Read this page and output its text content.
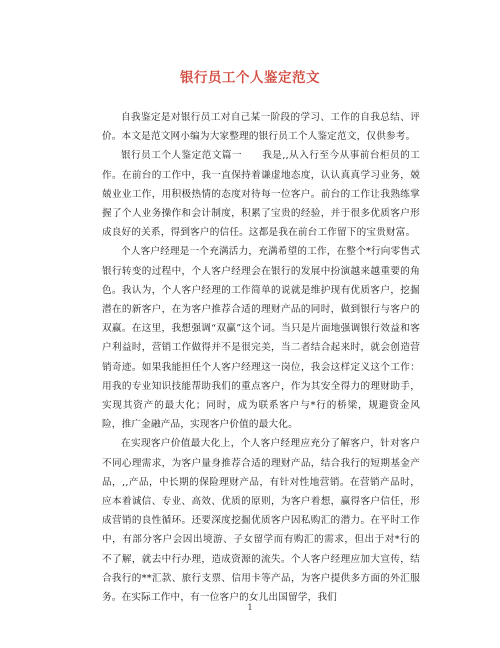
银行员工个人鉴定范文

自我鉴定是对银行员工对自己某一阶段的学习、工作的自我总结、评价。本文是范文网小编为大家整理的银行员工个人鉴定范文，仅供参考。

银行员工个人鉴定范文篇一　　我是,,从入行至今从事前台柜员的工作。在前台的工作中，我一直保持着谦虚地态度，认认真真学习业务，兢兢业业工作，用积极热情的态度对待每一位客户。前台的工作让我熟练掌握了个人业务操作和会计制度，积累了宝贵的经验，并于很多优质客户形成良好的关系，得到客户的信任。这都是我在前台工作留下的宝贵财富。

个人客户经理是一个充满活力，充满希望的工作，在整个*行向零售式银行转变的过程中，个人客户经理会在银行的发展中扮演越来越重要的角色。我认为，个人客户经理的工作简单的说就是维护现有优质客户，挖掘潜在的新客户，在为客户推荐合适的理财产品的同时，做到银行与客户的双赢。在这里，我想强调“双赢”这个词。当只是片面地强调银行效益和客户利益时，营销工作做得并不是很完美，当二者结合起来时，就会创造营销奇迹。如果我能担任个人客户经理这一岗位，我会这样定义这个工作：用我的专业知识技能帮助我们的重点客户，作为其安全得力的理财助手，实现其资产的最大化；同时，成为联系客户与*行的桥梁，规避资金风险，推广金融产品，实现客户价值的最大化。

在实现客户价值最大化上，个人客户经理应充分了解客户，针对客户不同心理需求，为客户量身推荐合适的理财产品，结合我行的短期基金产品，,,产品，中长期的保险理财产品，有针对性地营销。在营销产品时，应本着诚信、专业、高效、优质的原则，为客户着想，赢得客户信任，形成营销的良性循环。还要深度挖掘优质客户因私购汇的潜力。在平时工作中，有部分客户会因出境游、子女留学而有购汇的需求，但出于对*行的不了解，就去中行办理，造成资源的流失。个人客户经理应加大宣传，结合我行的**汇款、旅行支票、信用卡等产品，为客户提供多方面的外汇服务。在实际工作中，有一位客户的女儿出国留学，我们

1
